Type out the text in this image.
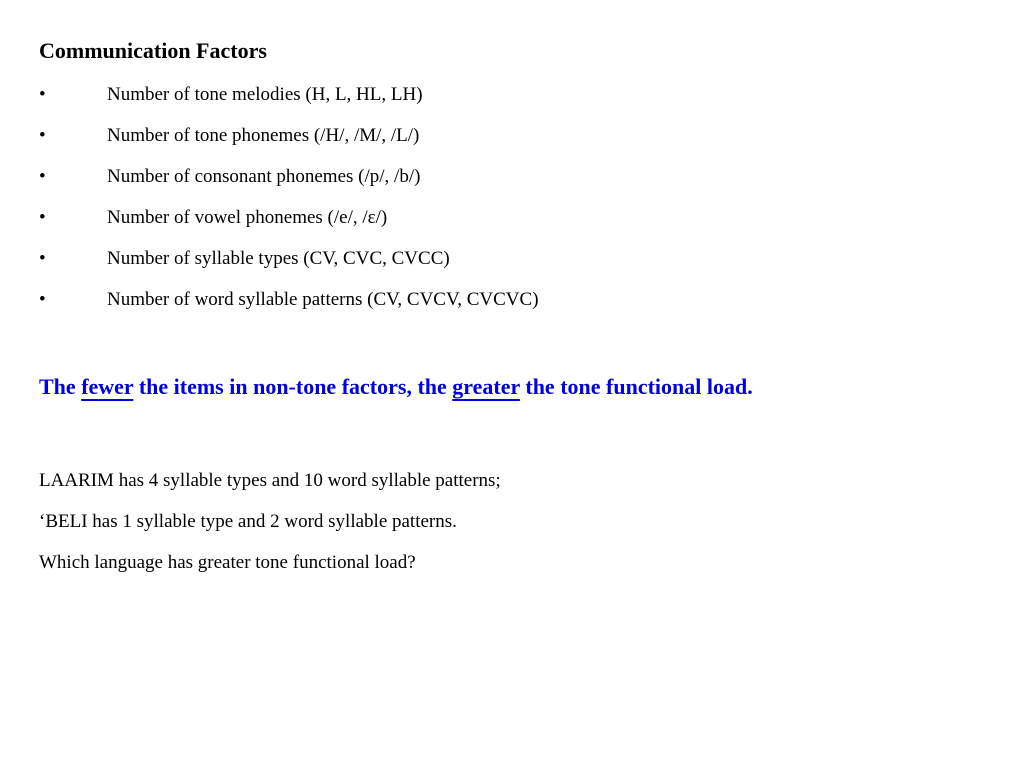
Communication Factors
•	Number of tone melodies (H, L, HL, LH)
•	Number of tone phonemes (/H/, /M/, /L/)
•	Number of consonant phonemes (/p/, /b/)
•	Number of vowel phonemes (/e/, /ɛ/)
•	Number of syllable types (CV, CVC, CVCC)
•	Number of word syllable patterns (CV, CVCV, CVCVC)
The fewer the items in non-tone factors, the greater the tone functional load.
LAARIM has 4 syllable types and 10 word syllable patterns;
‘BELI has 1 syllable type and 2 word syllable patterns.
Which language has greater tone functional load?
